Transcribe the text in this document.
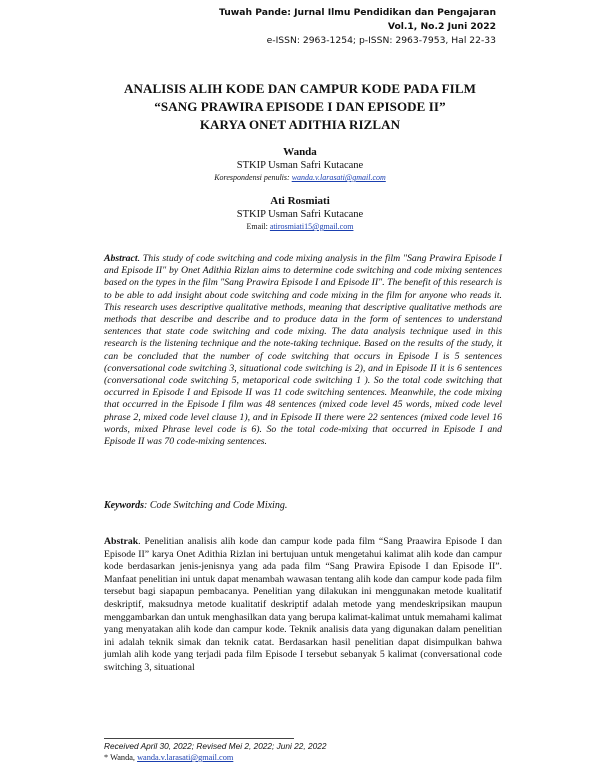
Tuwah Pande: Jurnal Ilmu Pendidikan dan Pengajaran
Vol.1, No.2 Juni 2022
e-ISSN: 2963-1254; p-ISSN: 2963-7953, Hal 22-33
ANALISIS ALIH KODE DAN CAMPUR KODE PADA FILM
“SANG PRAWIRA EPISODE I DAN EPISODE II”
KARYA ONET ADITHIA RIZLAN
Wanda
STKIP Usman Safri Kutacane
Korespondensi penulis: wanda.v.larasati@gmail.com
Ati Rosmiati
STKIP Usman Safri Kutacane
Email: atirosmiati15@gmail.com
Abstract. This study of code switching and code mixing analysis in the film "Sang Prawira Episode I and Episode II" by Onet Adithia Rizlan aims to determine code switching and code mixing sentences based on the types in the film "Sang Prawira Episode I and Episode II". The benefit of this research is to be able to add insight about code switching and code mixing in the film for anyone who reads it. This research uses descriptive qualitative methods, meaning that descriptive qualitative methods are methods that describe and describe and to produce data in the form of sentences to understand sentences that state code switching and code mixing. The data analysis technique used in this research is the listening technique and the note-taking technique. Based on the results of the study, it can be concluded that the number of code switching that occurs in Episode I is 5 sentences (conversational code switching 3, situational code switching is 2), and in Episode II it is 6 sentences (conversational code switching 5, metaporical code switching 1 ). So the total code switching that occurred in Episode I and Episode II was 11 code switching sentences. Meanwhile, the code mixing that occurred in the Episode I film was 48 sentences (mixed code level 45 words, mixed code level phrase 2, mixed code level clause 1), and in Episode II there were 22 sentences (mixed code level 16 words, mixed Phrase level code is 6). So the total code-mixing that occurred in Episode I and Episode II was 70 code-mixing sentences.
Keywords: Code Switching and Code Mixing.
Abstrak. Penelitian analisis alih kode dan campur kode pada film “Sang Praawira Episode I dan Episode II” karya Onet Adithia Rizlan ini bertujuan untuk mengetahui kalimat alih kode dan campur kode berdasarkan jenis-jenisnya yang ada pada film “Sang Prawira Episode I dan Episode II”. Manfaat penelitian ini untuk dapat menambah wawasan tentang alih kode dan campur kode pada film tersebut bagi siapapun pembacanya. Penelitian yang dilakukan ini menggunakan metode kualitatif deskriptif, maksudnya metode kualitatif deskriptif adalah metode yang mendeskripsikan maupun menggambarkan dan untuk menghasilkan data yang berupa kalimat-kalimat untuk memahami kalimat yang menyatakan alih kode dan campur kode. Teknik analisis data yang digunakan dalam penelitian ini adalah teknik simak dan teknik catat. Berdasarkan hasil penelitian dapat disimpulkan bahwa jumlah alih kode yang terjadi pada film Episode I tersebut sebanyak 5 kalimat (conversational code switching 3, situational
Received April 30, 2022; Revised Mei 2, 2022; Juni 22, 2022
* Wanda, wanda.v.larasati@gmail.com
